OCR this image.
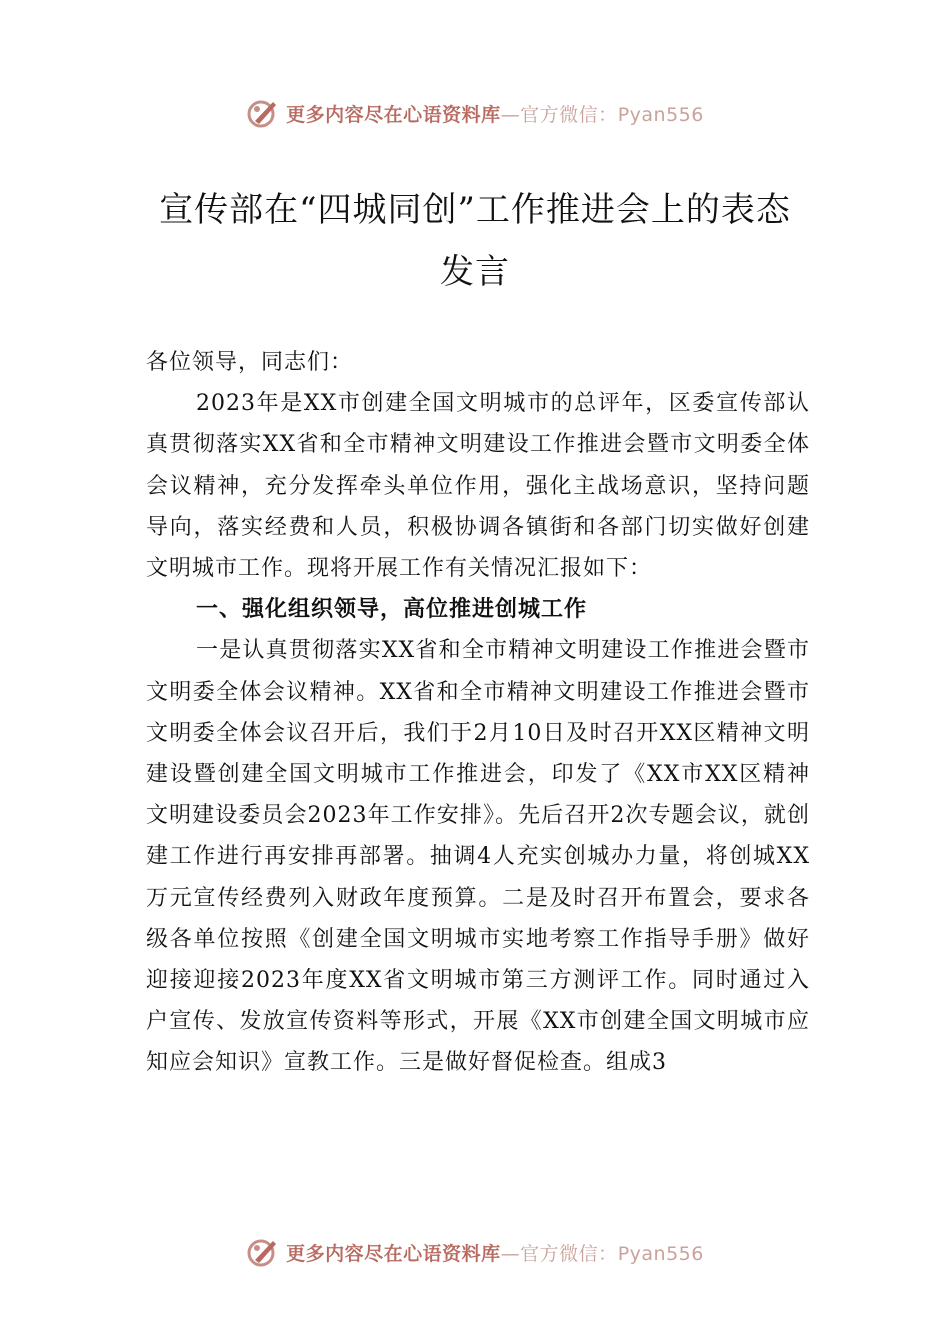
更多内容尽在心语资料库—官方微信：Pyan556
宣传部在“四城同创”工作推进会上的表态
发言

各位领导，同志们：

2023年是XX市创建全国文明城市的总评年，区委宣传部认真贯彻落实XX省和全市精神文明建设工作推进会暨市文明委全体会议精神，充分发挥牵头单位作用，强化主战场意识，坚持问题导向，落实经费和人员，积极协调各镇街和各部门切实做好创建文明城市工作。现将开展工作有关情况汇报如下：

一、强化组织领导，高位推进创城工作

一是认真贯彻落实XX省和全市精神文明建设工作推进会暨市文明委全体会议精神。XX省和全市精神文明建设工作推进会暨市文明委全体会议召开后，我们于2月10日及时召开XX区精神文明建设暨创建全国文明城市工作推进会，印发了《XX市XX区精神文明建设委员会2023年工作安排》。先后召开2次专题会议，就创建工作进行再安排再部署。抽调4人充实创城办力量，将创城XX万元宣传经费列入财政年度预算。二是及时召开布置会，要求各级各单位按照《创建全国文明城市实地考察工作指导手册》做好迎接迎接2023年度XX省文明城市第三方测评工作。同时通过入户宣传、发放宣传资料等形式，开展《XX市创建全国文明城市应知应会知识》宣教工作。三是做好督促检查。组成3

更多内容尽在心语资料库—官方微信：Pyan556
